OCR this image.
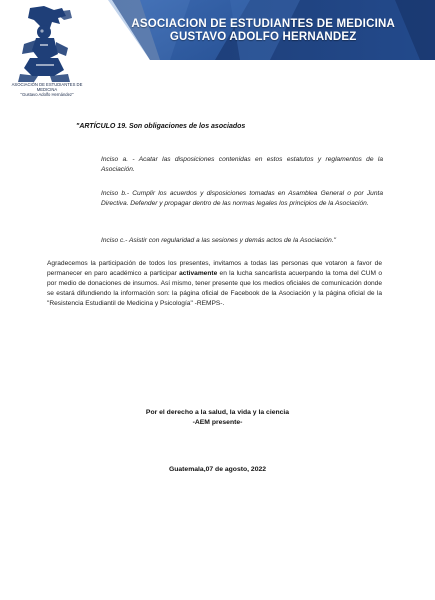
ASOCIACION DE ESTUDIANTES DE MEDICINA
GUSTAVO ADOLFO HERNANDEZ
ASOCIACIÓN DE ESTUDIANTES DE MEDICINA
"Gustavo Adolfo Hernández"
"ARTÍCULO 19. Son obligaciones de los asociados
Inciso a. - Acatar las disposiciones contenidas en estos estatutos y reglamentos de la Asociación.
Inciso b.- Cumplir los acuerdos y disposiciones tomadas en Asamblea General o por Junta Directiva. Defender y propagar dentro de las normas legales los principios de la Asociación.
Inciso c.- Asistir con regularidad a las sesiones y demás actos de la Asociación."
Agradecemos la participación de todos los presentes, invitamos a todas las personas que votaron a favor de permanecer en paro académico a participar activamente en la lucha sancarlista acuerpando la toma del CUM o por medio de donaciones de insumos. Así mismo, tener presente que los medios oficiales de comunicación donde se estará difundiendo la información son: la página oficial de Facebook de la Asociación y la página oficial de la "Resistencia Estudiantil de Medicina y Psicología" -REMPS-.
Por el derecho a la salud, la vida y la ciencia
-AEM presente-
Guatemala,07 de agosto, 2022
